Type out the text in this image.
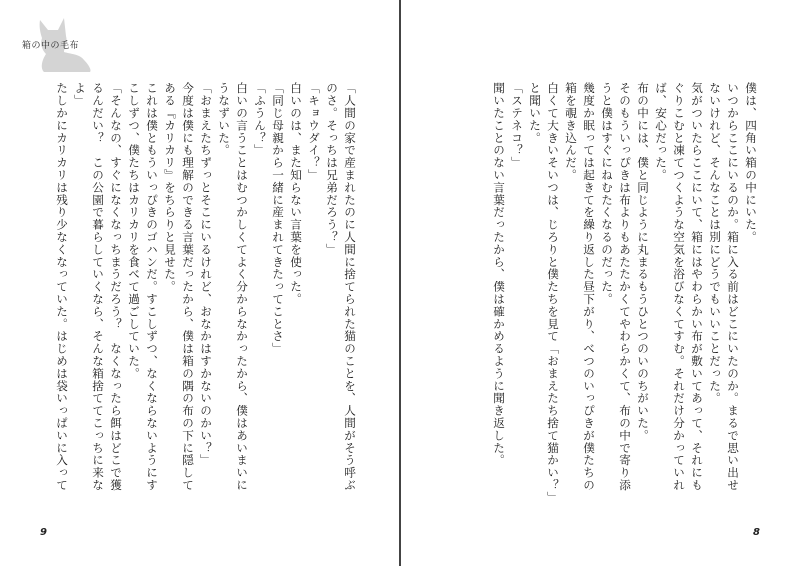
箱の中の毛布

「人間の家で産まれたのに人間に捨てられた猫のことを、人間がそう呼ぶのさ。そっちは兄弟だろう？」

「キョウダイ？」

白いのは、また知らない言葉を使った。

「同じ母親から一緒に産まれてきたってことさ」

「ふうん？」

白いの言うことはむつかしくてよく分からなかったから、僕はあいまいにうなずいた。

「おまえたちずっとそこにいるけれど、おなかはすかないのかい？」

今度は僕にも理解のできる言葉だったから、僕は箱の隅の布の下に隠してある『カリカリ』をちらりと見せた。

これは僕ともういっぴきのゴハンだ。すこしずつ、なくならないようにすこしずつ、僕たちはカリカリを食べて過ごしていた。

「そんなの、すぐになくなっちまうだろう？　なくなったら餌はどこで獲るんだい？　この公園で暮らしていくなら、そんな箱捨ててこっちに来なよ」

たしかにカリカリは残り少なくなっていた。はじめは袋いっぱいに入って

9

僕は、四角い箱の中にいた。

いつからここにいるのか。箱に入る前はどこにいたのか。まるで思い出せないけれど、そんなことは別にどうでもいいことだった。

気がついたらここにいて、箱にはやわらかい布が敷いてあって、それにもぐりこむと凍てつくような空気を浴びなくてすむ。それだけ分かっていれば、安心だった。

布の中には、僕と同じように丸まるもうひとつのいのちがいた。

そのもういっぴきは布よりもあたたかくてやわらかくて、布の中で寄り添うと僕はすぐにねむたくなるのだった。

幾度か眠っては起きてを繰り返した昼下がり、べつのいっぴきが僕たちの箱を覗き込んだ。

白くて大きいそいつは、じろりと僕たちを見て「おまえたち捨て猫かい？」と聞いた。

「ステネコ？」

聞いたことのない言葉だったから、僕は確かめるように聞き返した。

8
